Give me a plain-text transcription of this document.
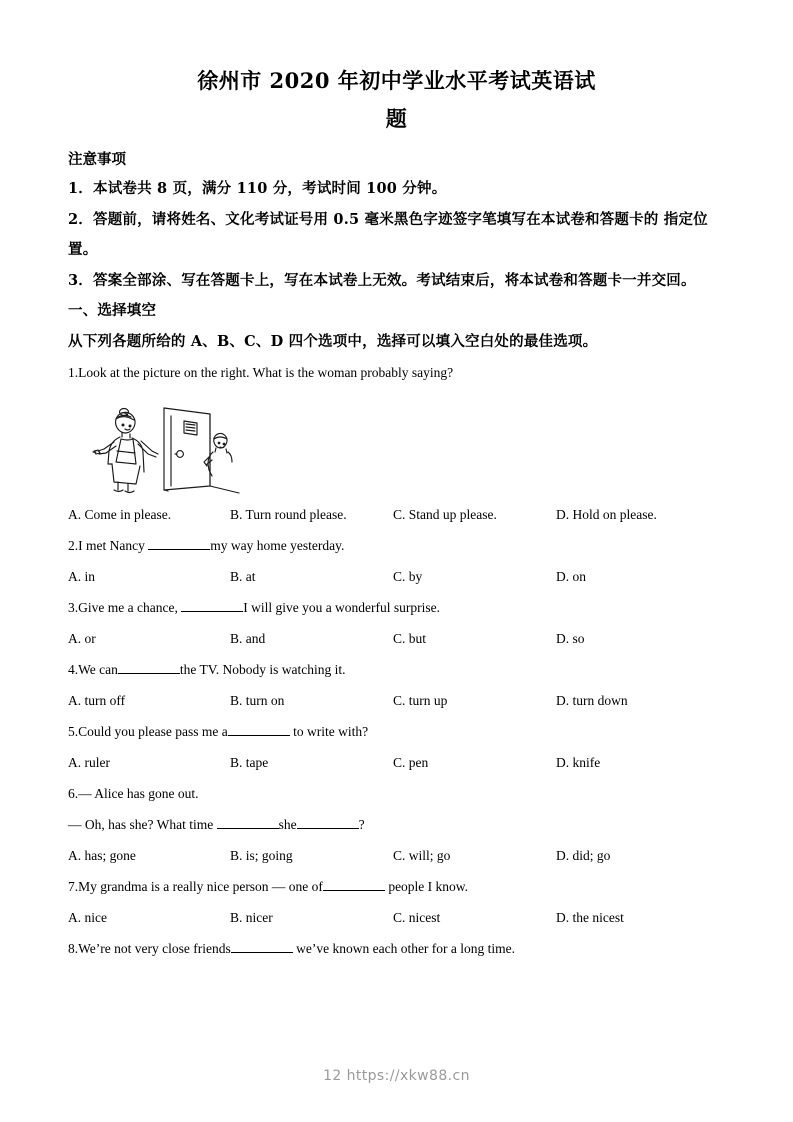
徐州市 2020 年初中学业水平考试英语试
题
注意事项
1．本试卷共 8 页，满分 110 分，考试时间 100 分钟。
2．答题前，请将姓名、文化考试证号用 0.5 毫米黑色字迹签字笔填写在本试卷和答题卡的 指定位置。
3．答案全部涂、写在答题卡上，写在本试卷上无效。考试结束后，将本试卷和答题卡一并交回。
一、选择填空
从下列各题所给的 A、B、C、D 四个选项中，选择可以填入空白处的最佳选项。
1.Look at the picture on the right. What is the woman probably saying?
A. Come in please.	B. Turn round please.	C. Stand up please.	D. Hold on please.
2.I met Nancy	my way home yesterday.
A. in	B. at	C. by	D. on
3.Give me a chance,	I will give you a wonderful surprise.
A. or	B. and	C. but	D. so
4.We can	the TV. Nobody is watching it.
A. turn off	B. turn on	C. turn up	D. turn down
5.Could you please pass me a	to write with?
A. ruler	B. tape	C. pen	D. knife
6.— Alice has gone out.
— Oh, has she? What time	she	?
A. has; gone	B. is; going	C. will; go	D. did; go
7.My grandma is a really nice person — one of	people I know.
A. nice	B. nicer	C. nicest	D. the nicest
8.We’re not very close friends	we’ve known each other for a long time.
12 https://xkw88.cn
